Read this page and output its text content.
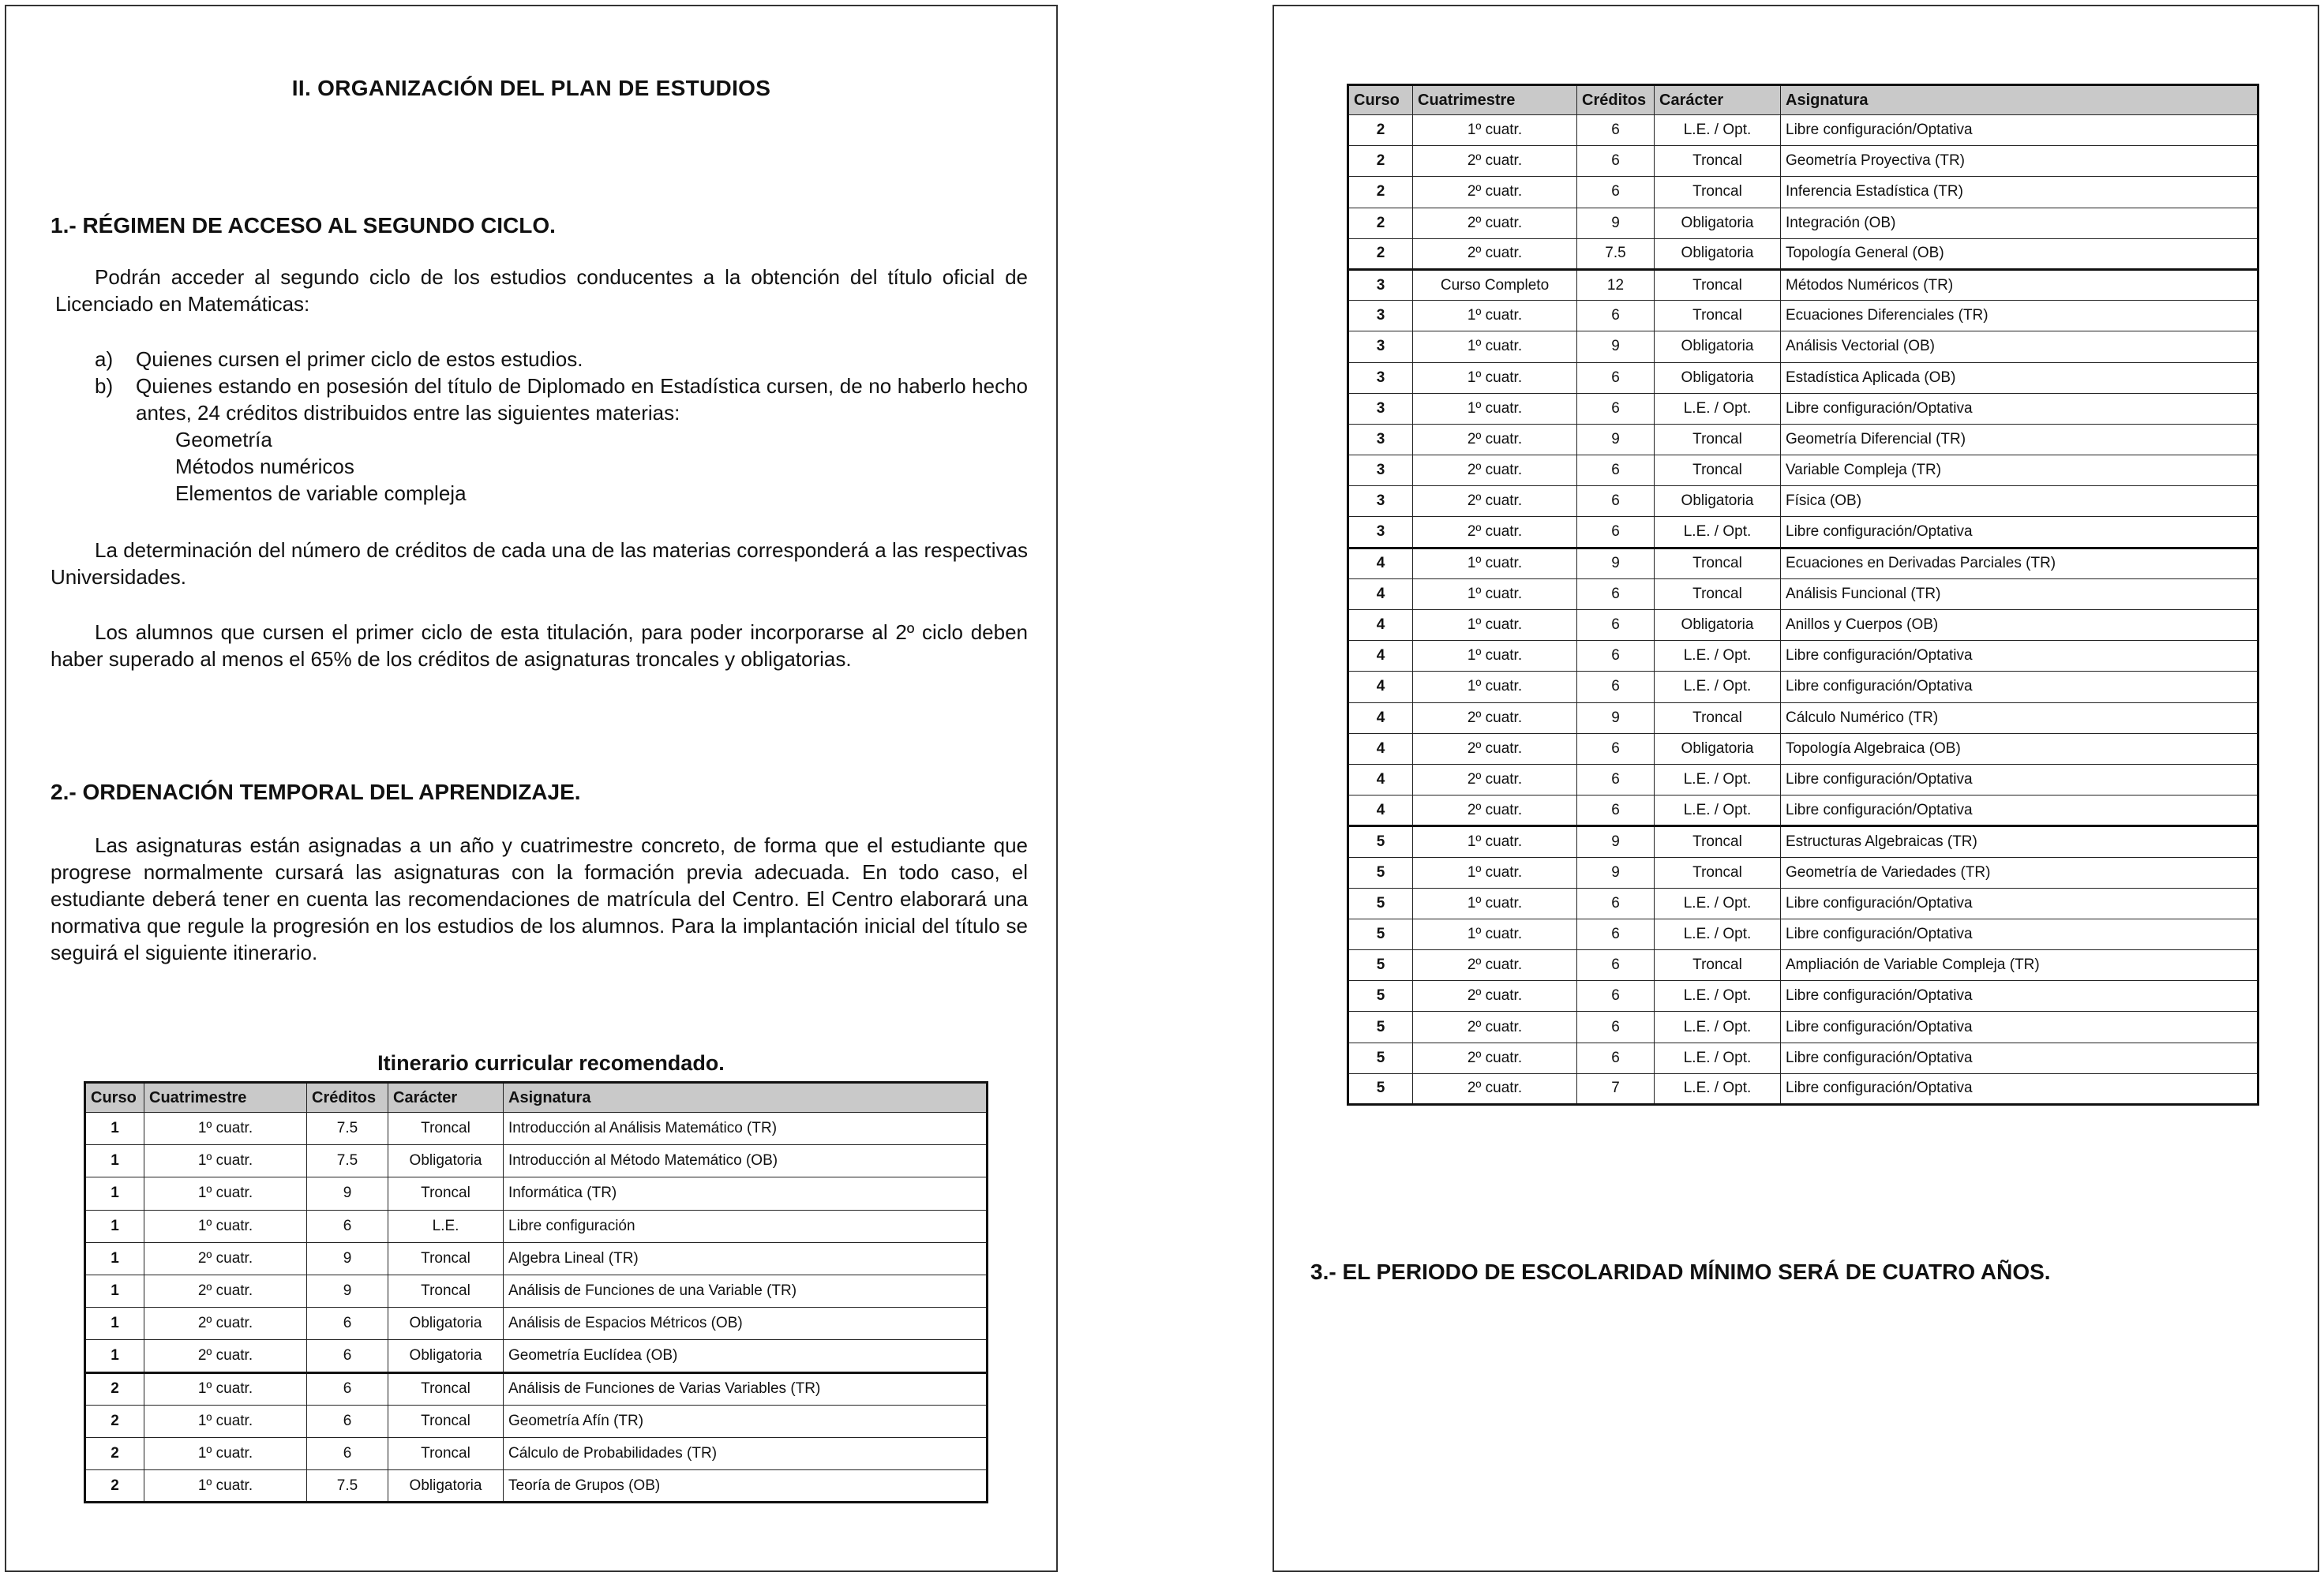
II. ORGANIZACIÓN DEL PLAN DE ESTUDIOS
1.- RÉGIMEN DE ACCESO AL SEGUNDO CICLO.

Podrán acceder al segundo ciclo de los estudios conducentes a la obtención del título oficial de Licenciado en Matemáticas:

a)	Quienes cursen el primer ciclo de estos estudios.
b)	Quienes estando en posesión del título de Diplomado en Estadística cursen, de no haberlo hecho antes, 24 créditos distribuidos entre las siguientes materias:
Geometría
Métodos numéricos
Elementos de variable compleja
La determinación del número de créditos de cada una de las materias corresponderá a las respectivas Universidades.
Los alumnos que cursen el primer ciclo de esta titulación, para poder incorporarse al 2º ciclo deben haber superado al menos el 65% de los créditos de asignaturas troncales y obligatorias.
2.- ORDENACIÓN TEMPORAL DEL APRENDIZAJE.
Las asignaturas están asignadas a un año y cuatrimestre concreto, de forma que el estudiante que progrese normalmente cursará las asignaturas con la formación previa adecuada. En todo caso, el estudiante deberá tener en cuenta las recomendaciones de matrícula del Centro. El Centro elaborará una normativa que regule la progresión en los estudios de los alumnos. Para la implantación inicial del título se seguirá el siguiente itinerario.
Itinerario curricular recomendado.
Curso	Cuatrimestre	Créditos	Carácter	Asignatura
1	1º cuatr.	7.5	Troncal	Introducción al Análisis Matemático (TR)
1	1º cuatr.	7.5	Obligatoria	Introducción al Método Matemático (OB)
1	1º cuatr.	9	Troncal	Informática (TR)
1	1º cuatr.	6	L.E.	Libre configuración
1	2º cuatr.	9	Troncal	Algebra Lineal (TR)
1	2º cuatr.	9	Troncal	Análisis de Funciones de una Variable (TR)
1	2º cuatr.	6	Obligatoria	Análisis de Espacios Métricos (OB)
1	2º cuatr.	6	Obligatoria	Geometría Euclídea (OB)
2	1º cuatr.	6	Troncal	Análisis de Funciones de Varias Variables (TR)
2	1º cuatr.	6	Troncal	Geometría Afín (TR)
2	1º cuatr.	6	Troncal	Cálculo de Probabilidades (TR)
2	1º cuatr.	7.5	Obligatoria	Teoría de Grupos (OB)
Curso	Cuatrimestre	Créditos	Carácter	Asignatura
2	1º cuatr.	6	L.E. / Opt.	Libre configuración/Optativa
2	2º cuatr.	6	Troncal	Geometría Proyectiva (TR)
2	2º cuatr.	6	Troncal	Inferencia Estadística (TR)
2	2º cuatr.	9	Obligatoria	Integración (OB)
2	2º cuatr.	7.5	Obligatoria	Topología General (OB)
3	Curso Completo	12	Troncal	Métodos Numéricos (TR)
3	1º cuatr.	6	Troncal	Ecuaciones Diferenciales (TR)
3	1º cuatr.	9	Obligatoria	Análisis Vectorial (OB)
3	1º cuatr.	6	Obligatoria	Estadística Aplicada (OB)
3	1º cuatr.	6	L.E. / Opt.	Libre configuración/Optativa
3	2º cuatr.	9	Troncal	Geometría Diferencial (TR)
3	2º cuatr.	6	Troncal	Variable Compleja (TR)
3	2º cuatr.	6	Obligatoria	Física (OB)
3	2º cuatr.	6	L.E. / Opt.	Libre configuración/Optativa
4	1º cuatr.	9	Troncal	Ecuaciones en Derivadas Parciales (TR)
4	1º cuatr.	6	Troncal	Análisis Funcional (TR)
4	1º cuatr.	6	Obligatoria	Anillos y Cuerpos (OB)
4	1º cuatr.	6	L.E. / Opt.	Libre configuración/Optativa
4	1º cuatr.	6	L.E. / Opt.	Libre configuración/Optativa
4	2º cuatr.	9	Troncal	Cálculo Numérico (TR)
4	2º cuatr.	6	Obligatoria	Topología Algebraica (OB)
4	2º cuatr.	6	L.E. / Opt.	Libre configuración/Optativa
4	2º cuatr.	6	L.E. / Opt.	Libre configuración/Optativa
5	1º cuatr.	9	Troncal	Estructuras Algebraicas (TR)
5	1º cuatr.	9	Troncal	Geometría de Variedades (TR)
5	1º cuatr.	6	L.E. / Opt.	Libre configuración/Optativa
5	1º cuatr.	6	L.E. / Opt.	Libre configuración/Optativa
5	2º cuatr.	6	Troncal	Ampliación de Variable Compleja (TR)
5	2º cuatr.	6	L.E. / Opt.	Libre configuración/Optativa
5	2º cuatr.	6	L.E. / Opt.	Libre configuración/Optativa
5	2º cuatr.	6	L.E. / Opt.	Libre configuración/Optativa
5	2º cuatr.	7	L.E. / Opt.	Libre configuración/Optativa
3.- EL PERIODO DE ESCOLARIDAD MÍNIMO SERÁ DE CUATRO AÑOS.
